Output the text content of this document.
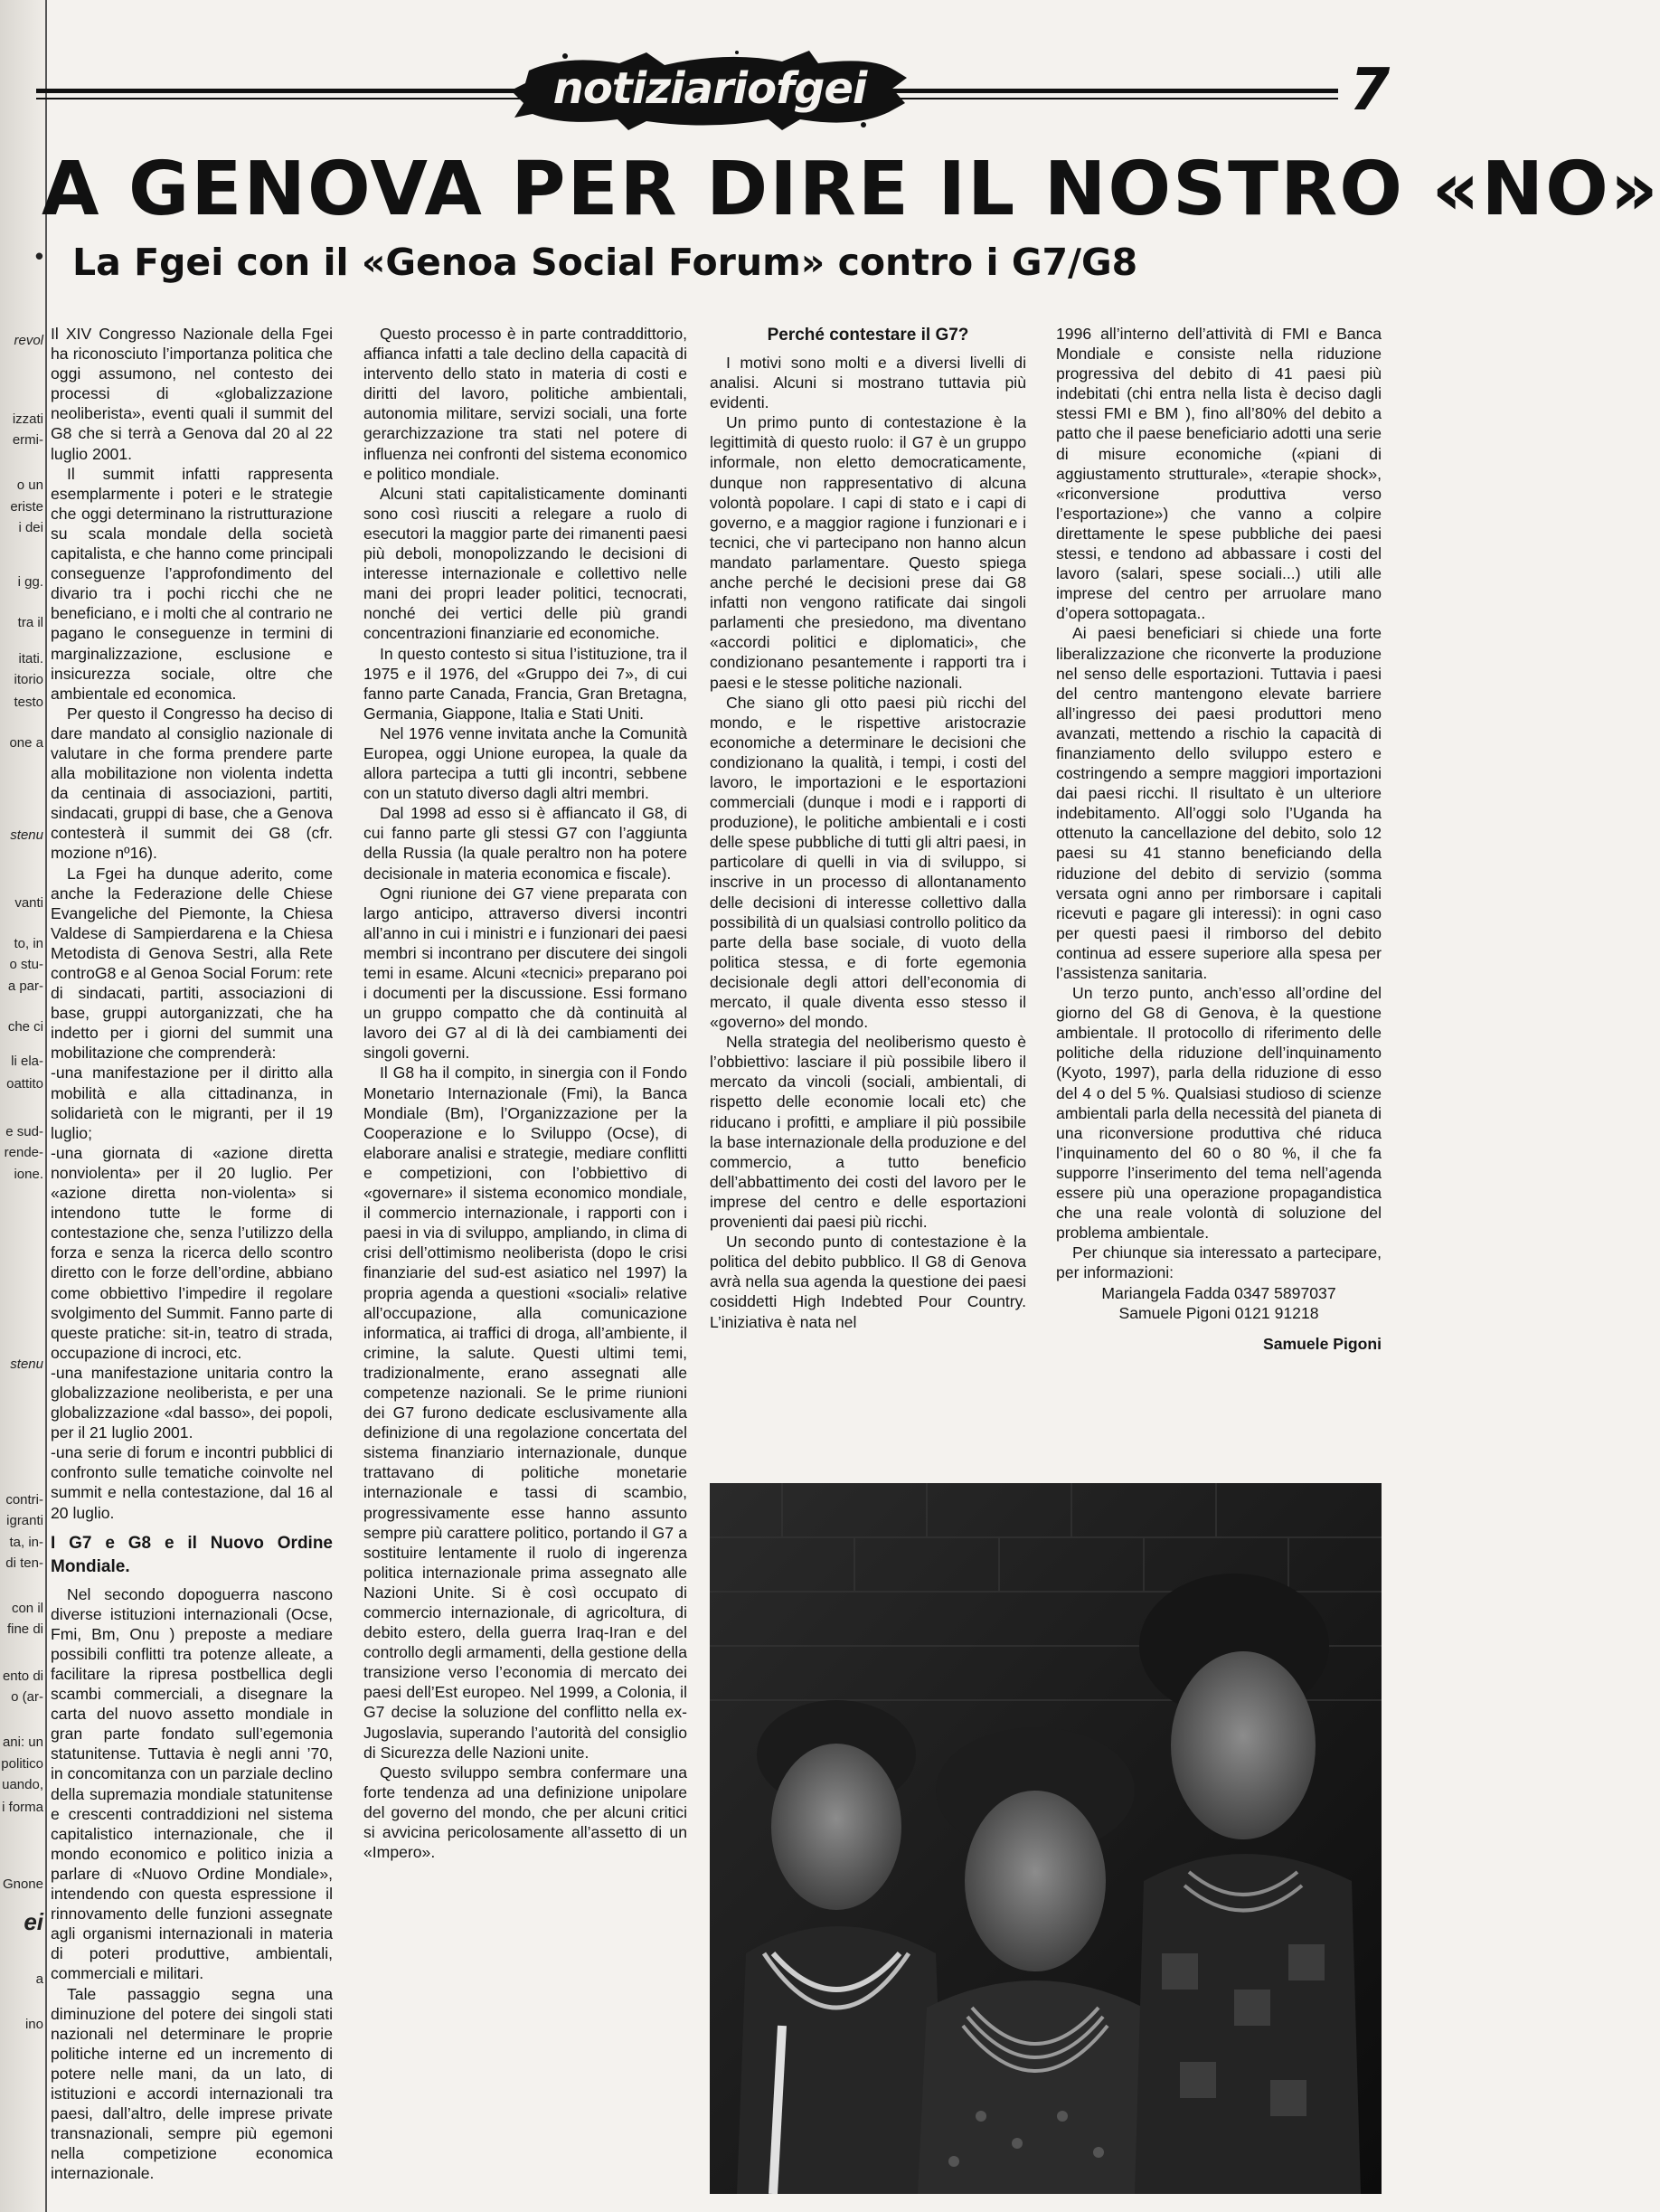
•
revol
izzati
ermi-
o un
eriste
i dei
i gg.
tra il
itati.
itorio
testo
one a
stenu
vanti
to, in
o stu-
a par-
che ci
li ela-
oattito
e sud-
rende-
ione.
stenu
contri-
igranti
ta, in-
di ten-
con il
fine di
ento di
o (ar-
ani: un
politico
uando,
i forma
Gnone
ei
a
ino
notiziariofgei	7
A GENOVA PER DIRE IL NOSTRO «NO»
La Fgei con il «Genoa Social Forum» contro i G7/G8

Il XIV Congresso Nazionale della Fgei ha riconosciuto l’importanza politica che oggi assumono, nel contesto dei processi di «globalizzazione neoliberista», eventi quali il summit del G8 che si terrà a Genova dal 20 al 22 luglio 2001.

Il summit infatti rappresenta esemplarmente i poteri e le strategie che oggi determinano la ristrutturazione su scala mondale della società capitalista, e che hanno come principali conseguenze l’approfondimento del divario tra i pochi ricchi che ne beneficiano, e i molti che al contrario ne pagano le conseguenze in termini di marginalizzazione, esclusione e insicurezza sociale, oltre che ambientale ed economica.

Per questo il Congresso ha deciso di dare mandato al consiglio nazionale di valutare in che forma prendere parte alla mobilitazione non violenta indetta da centinaia di associazioni, partiti, sindacati, gruppi di base, che a Genova contesterà il summit dei G8 (cfr. mozione nº16).

La Fgei ha dunque aderito, come anche la Federazione delle Chiese Evangeliche del Piemonte, la Chiesa Valdese di Sampierdarena e la Chiesa Metodista di Genova Sestri, alla Rete controG8 e al Genoa Social Forum: rete di sindacati, partiti, associazioni di base, gruppi autorganizzati, che ha indetto per i giorni del summit una mobilitazione che comprenderà:

-una manifestazione per il diritto alla mobilità e alla cittadinanza, in solidarietà con le migranti, per il 19 luglio;

-una giornata di «azione diretta nonviolenta» per il 20 luglio. Per «azione diretta non-violenta» si intendono tutte le forme di contestazione che, senza l’utilizzo della forza e senza la ricerca dello scontro diretto con le forze dell’ordine, abbiano come obbiettivo l’impedire il regolare svolgimento del Summit. Fanno parte di queste pratiche: sit-in, teatro di strada, occupazione di incroci, etc.

-una manifestazione unitaria contro la globalizzazione neoliberista, e per una globalizzazione «dal basso», dei popoli, per il 21 luglio 2001.

-una serie di forum e incontri pubblici di confronto sulle tematiche coinvolte nel summit e nella contestazione, dal 16 al 20 luglio.

I G7 e G8 e il Nuovo Ordine Mondiale.

Nel secondo dopoguerra nascono diverse istituzioni internazionali (Ocse, Fmi, Bm, Onu ) preposte a mediare possibili conflitti tra potenze alleate, a facilitare la ripresa postbellica degli scambi commerciali, a disegnare la carta del nuovo assetto mondiale in gran parte fondato sull’egemonia statunitense. Tuttavia è negli anni ’70, in concomitanza con un parziale declino della supremazia mondiale statunitense e crescenti contraddizioni nel sistema capitalistico internazionale, che il mondo economico e politico inizia a parlare di «Nuovo Ordine Mondiale», intendendo con questa espressione il rinnovamento delle funzioni assegnate agli organismi internazionali in materia di poteri produttive, ambientali, commerciali e militari.

Tale passaggio segna una diminuzione del potere dei singoli stati nazionali nel determinare le proprie politiche interne ed un incremento di potere nelle mani, da un lato, di istituzioni e accordi internazionali tra paesi, dall’altro, delle imprese private transnazionali, sempre più egemoni nella competizione economica internazionale.

Questo processo è in parte contraddittorio, affianca infatti a tale declino della capacità di intervento dello stato in materia di costi e diritti del lavoro, politiche ambientali, autonomia militare, servizi sociali, una forte gerarchizzazione tra stati nel potere di influenza nei confronti del sistema economico e politico mondiale.

Alcuni stati capitalisticamente dominanti sono così riusciti a relegare a ruolo di esecutori la maggior parte dei rimanenti paesi più deboli, monopolizzando le decisioni di interesse internazionale e collettivo nelle mani dei propri leader politici, tecnocrati, nonché dei vertici delle più grandi concentrazioni finanziarie ed economiche.

In questo contesto si situa l’istituzione, tra il 1975 e il 1976, del «Gruppo dei 7», di cui fanno parte Canada, Francia, Gran Bretagna, Germania, Giappone, Italia e Stati Uniti.

Nel 1976 venne invitata anche la Comunità Europea, oggi Unione europea, la quale da allora partecipa a tutti gli incontri, sebbene con un statuto diverso dagli altri membri.

Dal 1998 ad esso si è affiancato il G8, di cui fanno parte gli stessi G7 con l’aggiunta della Russia (la quale peraltro non ha potere decisionale in materia economica e fiscale).

Ogni riunione dei G7 viene preparata con largo anticipo, attraverso diversi incontri all’anno in cui i ministri e i funzionari dei paesi membri si incontrano per discutere dei singoli temi in esame. Alcuni «tecnici» preparano poi i documenti per la discussione. Essi formano un gruppo compatto che dà continuità al lavoro dei G7 al di là dei cambiamenti dei singoli governi.

Il G8 ha il compito, in sinergia con il Fondo Monetario Internazionale (Fmi), la Banca Mondiale (Bm), l’Organizzazione per la Cooperazione e lo Sviluppo (Ocse), di elaborare analisi e strategie, mediare conflitti e competizioni, con l’obbiettivo di «governare» il sistema economico mondiale, il commercio internazionale, i rapporti con i paesi in via di sviluppo, ampliando, in clima di crisi dell’ottimismo neoliberista (dopo le crisi finanziarie del sud-est asiatico nel 1997) la propria agenda a questioni «sociali» relative all’occupazione, alla comunicazione informatica, ai traffici di droga, all’ambiente, il crimine, la salute. Questi ultimi temi, tradizionalmente, erano assegnati alle competenze nazionali. Se le prime riunioni dei G7 furono dedicate esclusivamente alla definizione di una regolazione concertata del sistema finanziario internazionale, dunque trattavano di politiche monetarie internazionale e tassi di scambio, progressivamente esse hanno assunto sempre più carattere politico, portando il G7 a sostituire lentamente il ruolo di ingerenza politica internazionale prima assegnato alle Nazioni Unite. Si è così occupato di commercio internazionale, di agricoltura, di debito estero, della guerra Iraq-Iran e del controllo degli armamenti, della gestione della transizione verso l’economia di mercato dei paesi dell’Est europeo. Nel 1999, a Colonia, il G7 decise la soluzione del conflitto nella ex-Jugoslavia, superando l’autorità del consiglio di Sicurezza delle Nazioni unite.

Questo sviluppo sembra confermare una forte tendenza ad una definizione unipolare del governo del mondo, che per alcuni critici si avvicina pericolosamente all’assetto di un «Impero».

Perché contestare il G7?

I motivi sono molti e a diversi livelli di analisi. Alcuni si mostrano tuttavia più evidenti.

Un primo punto di contestazione è la legittimità di questo ruolo: il G7 è un gruppo informale, non eletto democraticamente, dunque non rappresentativo di alcuna volontà popolare. I capi di stato e i capi di governo, e a maggior ragione i funzionari e i tecnici, che vi partecipano non hanno alcun mandato parlamentare. Questo spiega anche perché le decisioni prese dai G8 infatti non vengono ratificate dai singoli parlamenti che presiedono, ma diventano «accordi politici e diplomatici», che condizionano pesantemente i rapporti tra i paesi e le stesse politiche nazionali.

Che siano gli otto paesi più ricchi del mondo, e le rispettive aristocrazie economiche a determinare le decisioni che condizionano la qualità, i tempi, i costi del lavoro, le importazioni e le esportazioni commerciali (dunque i modi e i rapporti di produzione), le politiche ambientali e i costi delle spese pubbliche di tutti gli altri paesi, in particolare di quelli in via di sviluppo, si inscrive in un processo di allontanamento delle decisioni di interesse collettivo dalla possibilità di un qualsiasi controllo politico da parte della base sociale, di vuoto della politica stessa, e di forte egemonia decisionale degli attori dell’economia di mercato, il quale diventa esso stesso il «governo» del mondo.

Nella strategia del neoliberismo questo è l’obbiettivo: lasciare il più possibile libero il mercato da vincoli (sociali, ambientali, di rispetto delle economie locali etc) che riducano i profitti, e ampliare il più possibile la base internazionale della produzione e del commercio, a tutto beneficio dell’abbattimento dei costi del lavoro per le imprese del centro e delle esportazioni provenienti dai paesi più ricchi.

Un secondo punto di contestazione è la politica del debito pubblico. Il G8 di Genova avrà nella sua agenda la questione dei paesi cosiddetti High Indebted Pour Country. L’iniziativa è nata nel

1996 all’interno dell’attività di FMI e Banca Mondiale e consiste nella riduzione progressiva del debito di 41 paesi più indebitati (chi entra nella lista è deciso dagli stessi FMI e BM ), fino all’80% del debito a patto che il paese beneficiario adotti una serie di misure economiche («piani di aggiustamento strutturale», «terapie shock», «riconversione produttiva verso l’esportazione») che vanno a colpire direttamente le spese pubbliche dei paesi stessi, e tendono ad abbassare i costi del lavoro (salari, spese sociali...) utili alle imprese del centro per arruolare mano d’opera sottopagata..

Ai paesi beneficiari si chiede una forte liberalizzazione che riconverte la produzione nel senso delle esportazioni. Tuttavia i paesi del centro mantengono elevate barriere all’ingresso dei paesi produttori meno avanzati, mettendo a rischio la capacità di finanziamento dello sviluppo estero e costringendo a sempre maggiori importazioni dai paesi ricchi. Il risultato è un ulteriore indebitamento. All’oggi solo l’Uganda ha ottenuto la cancellazione del debito, solo 12 paesi su 41 stanno beneficiando della riduzione del debito di servizio (somma versata ogni anno per rimborsare i capitali ricevuti e pagare gli interessi): in ogni caso per questi paesi il rimborso del debito continua ad essere superiore alla spesa per l’assistenza sanitaria.

Un terzo punto, anch’esso all’ordine del giorno del G8 di Genova, è la questione ambientale. Il protocollo di riferimento delle politiche della riduzione dell’inquinamento (Kyoto, 1997), parla della riduzione di esso del 4 o del 5 %. Qualsiasi studioso di scienze ambientali parla della necessità del pianeta di una riconversione produttiva ché riduca l’inquinamento del 60 o 80 %, il che fa supporre l’inserimento del tema nell’agenda essere più una operazione propagandistica che una reale volontà di soluzione del problema ambientale.

Per chiunque sia interessato a partecipare, per informazioni:

Mariangela Fadda 0347 5897037

Samuele Pigoni 0121 91218

Samuele Pigoni
